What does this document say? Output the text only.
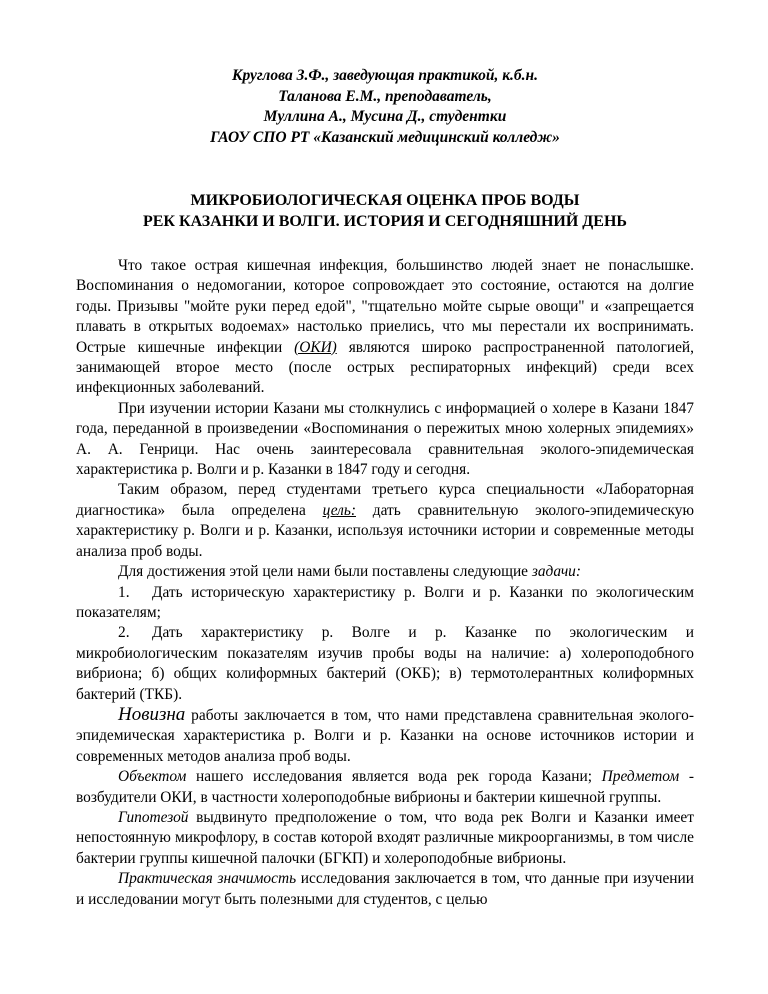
Круглова З.Ф., заведующая практикой, к.б.н.
Таланова Е.М., преподаватель,
Муллина А., Мусина Д., студентки
ГАОУ СПО РТ «Казанский медицинский колледж»
МИКРОБИОЛОГИЧЕСКАЯ ОЦЕНКА ПРОБ ВОДЫ
РЕК КАЗАНКИ И ВОЛГИ. ИСТОРИЯ И СЕГОДНЯШНИЙ ДЕНЬ

Что такое острая кишечная инфекция, большинство людей знает не понаслышке. Воспоминания о недомогании, которое сопровождает это состояние, остаются на долгие годы. Призывы "мойте руки перед едой", "тщательно мойте сырые овощи" и «запрещается плавать в открытых водоемах» настолько приелись, что мы перестали их воспринимать. Острые кишечные инфекции (ОКИ) являются широко распространенной патологией, занимающей второе место (после острых респираторных инфекций) среди всех инфекционных заболеваний.

При изучении истории Казани мы столкнулись с информацией о холере в Казани 1847 года, переданной в произведении «Воспоминания о пережитых мною холерных эпидемиях» А. А. Генрици. Нас очень заинтересовала сравнительная эколого-эпидемическая характеристика р. Волги и р. Казанки в 1847 году и сегодня.

Таким образом, перед студентами третьего курса специальности «Лабораторная диагностика» была определена цель: дать сравнительную эколого-эпидемическую характеристику р. Волги и р. Казанки, используя источники истории и современные методы анализа проб воды.

Для достижения этой цели нами были поставлены следующие задачи:

1. Дать историческую характеристику р. Волги и р. Казанки по экологическим показателям;

2. Дать характеристику р. Волге и р. Казанке по экологическим и микробиологическим показателям изучив пробы воды на наличие: а) холероподобного вибриона; б) общих колиформных бактерий (ОКБ); в) термотолерантных колиформных бактерий (ТКБ).

Новизна работы заключается в том, что нами представлена сравнительная эколого-эпидемическая характеристика р. Волги и р. Казанки на основе источников истории и современных методов анализа проб воды.

Объектом нашего исследования является вода рек города Казани; Предметом - возбудители ОКИ, в частности холероподобные вибрионы и бактерии кишечной группы.

Гипотезой выдвинуто предположение о том, что вода рек Волги и Казанки имеет непостоянную микрофлору, в состав которой входят различные микроорганизмы, в том числе бактерии группы кишечной палочки (БГКП) и холероподобные вибрионы.

Практическая значимость исследования заключается в том, что данные при изучении и исследовании могут быть полезными для студентов, с целью
